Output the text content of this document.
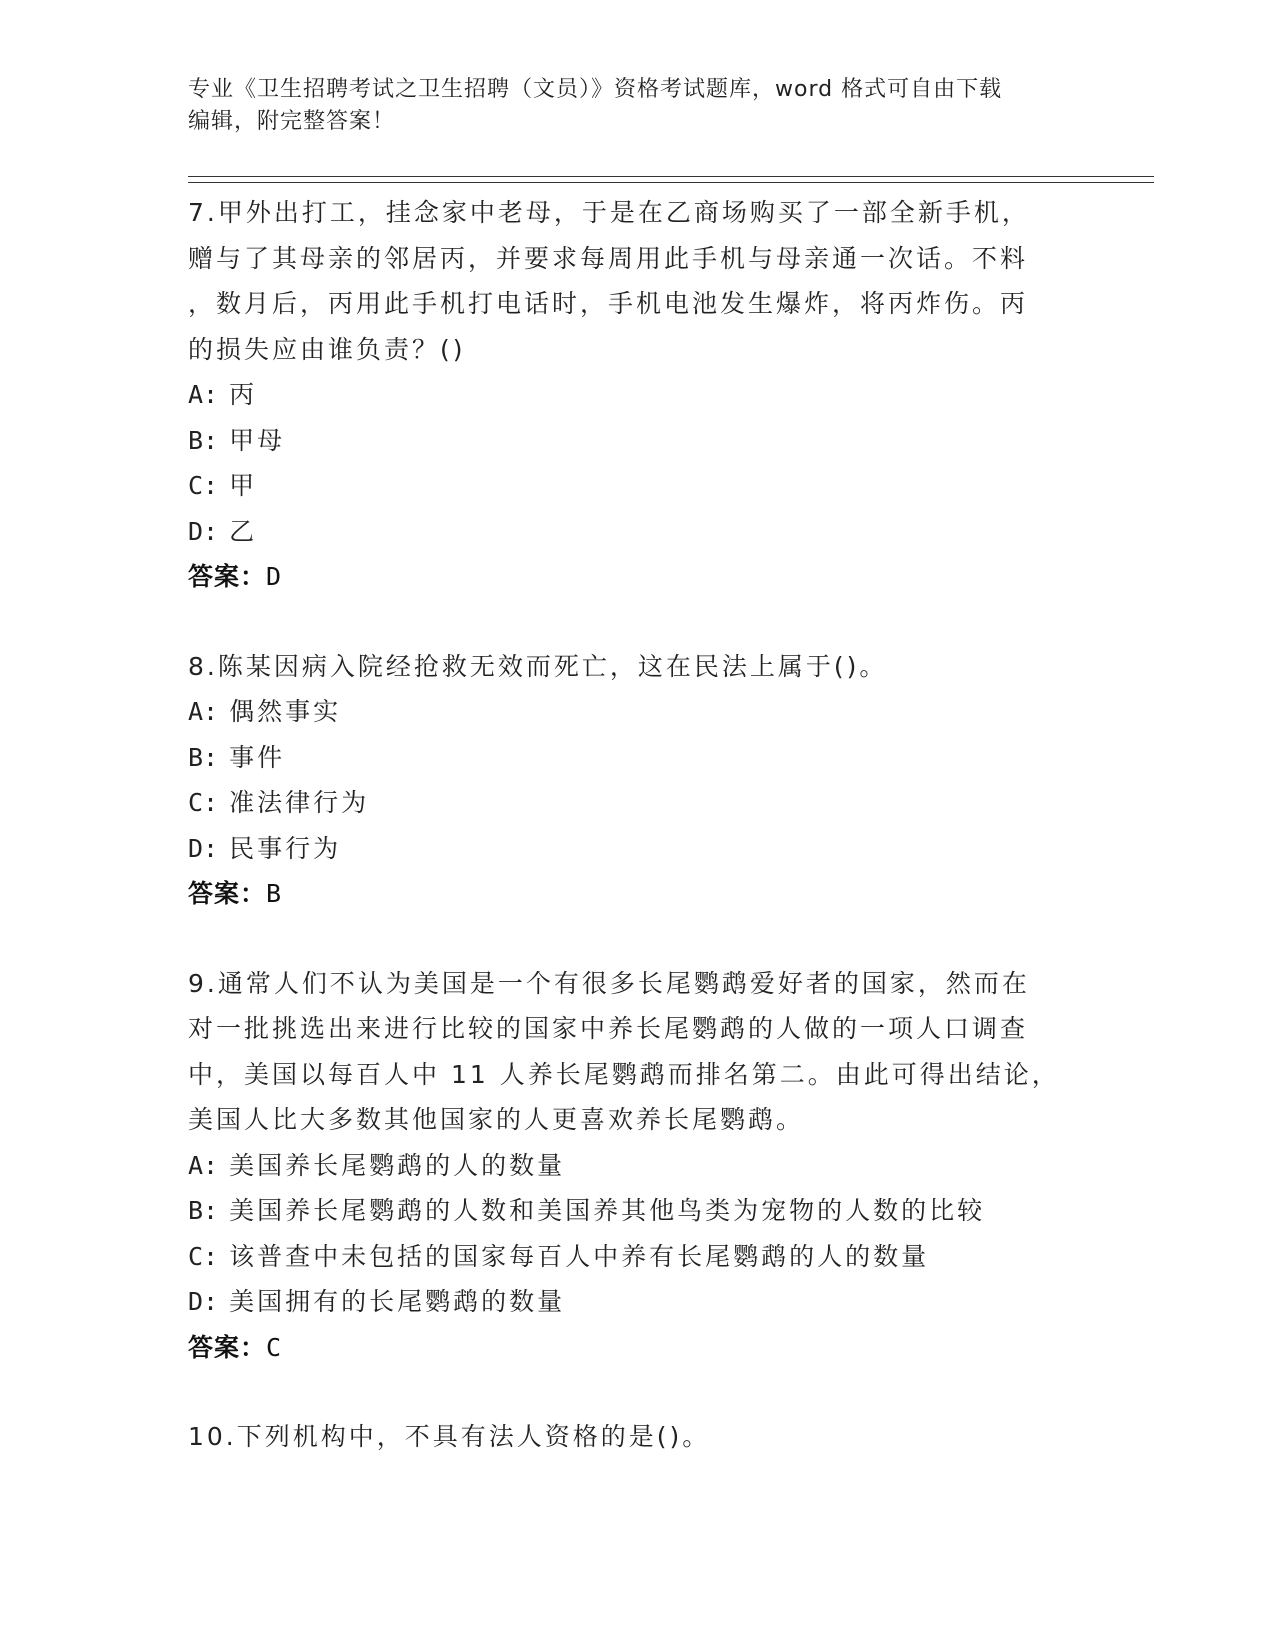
专业《卫生招聘考试之卫生招聘（文员）》资格考试题库，word 格式可自由下载
编辑，附完整答案！
7.甲外出打工，挂念家中老母，于是在乙商场购买了一部全新手机，
赠与了其母亲的邻居丙，并要求每周用此手机与母亲通一次话。不料
，数月后，丙用此手机打电话时，手机电池发生爆炸，将丙炸伤。丙
的损失应由谁负责？()
A: 丙
B: 甲母
C: 甲
D: 乙
答案：D
8.陈某因病入院经抢救无效而死亡，这在民法上属于()。
A: 偶然事实
B: 事件
C: 准法律行为
D: 民事行为
答案：B
9.通常人们不认为美国是一个有很多长尾鹦鹉爱好者的国家，然而在
对一批挑选出来进行比较的国家中养长尾鹦鹉的人做的一项人口调查
中，美国以每百人中 11 人养长尾鹦鹉而排名第二。由此可得出结论，
美国人比大多数其他国家的人更喜欢养长尾鹦鹉。
A: 美国养长尾鹦鹉的人的数量
B: 美国养长尾鹦鹉的人数和美国养其他鸟类为宠物的人数的比较
C: 该普查中未包括的国家每百人中养有长尾鹦鹉的人的数量
D: 美国拥有的长尾鹦鹉的数量
答案：C
10.下列机构中，不具有法人资格的是()。
